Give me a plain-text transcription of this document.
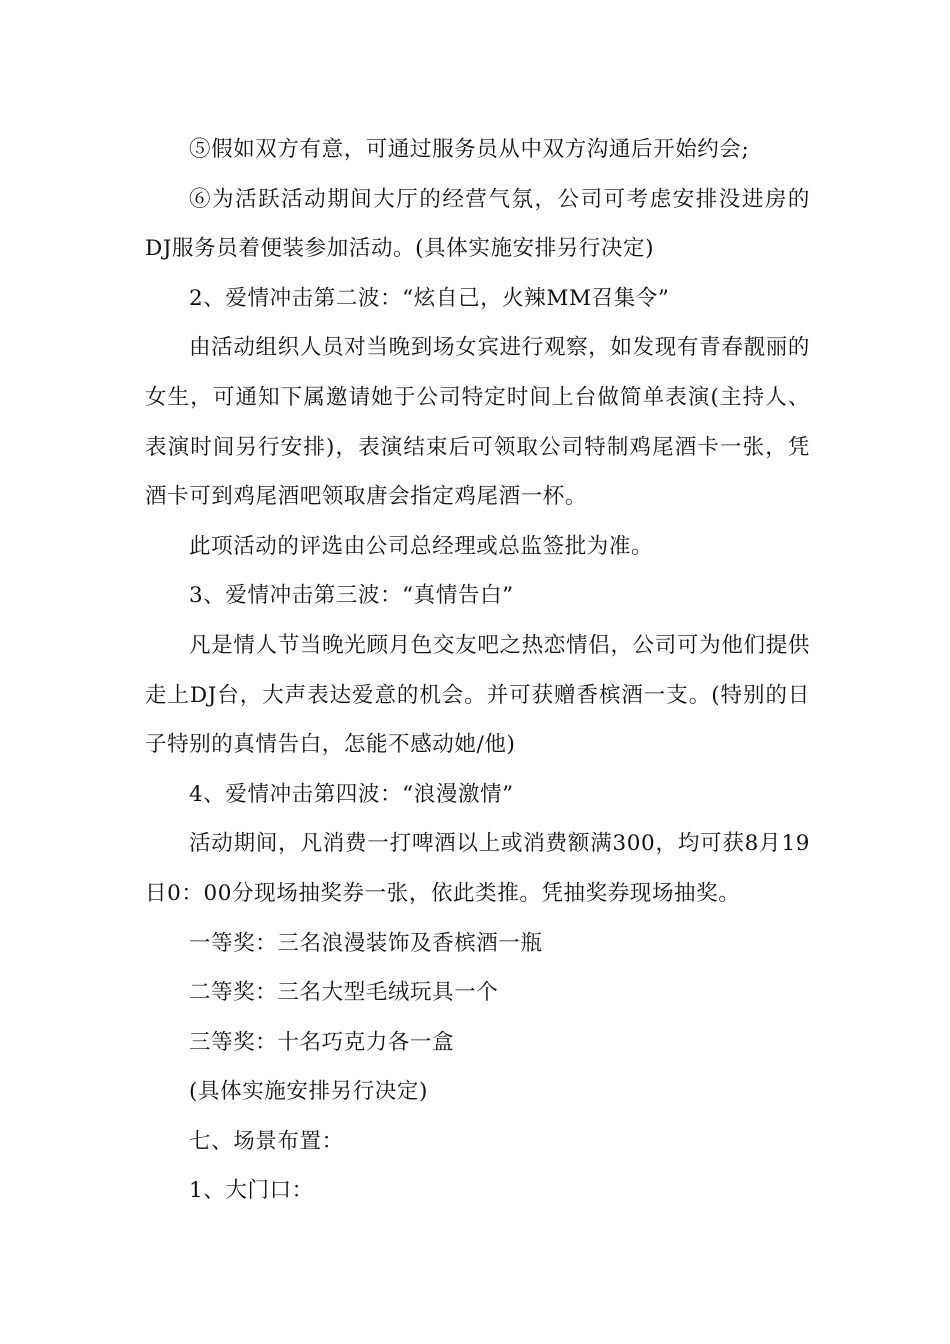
⑤假如双方有意，可通过服务员从中双方沟通后开始约会;

⑥为活跃活动期间大厅的经营气氛，公司可考虑安排没进房的DJ服务员着便装参加活动。(具体实施安排另行决定)

2、爱情冲击第二波：“炫自己，火辣MM召集令”

由活动组织人员对当晚到场女宾进行观察，如发现有青春靓丽的女生，可通知下属邀请她于公司特定时间上台做简单表演(主持人、表演时间另行安排)，表演结束后可领取公司特制鸡尾酒卡一张，凭酒卡可到鸡尾酒吧领取唐会指定鸡尾酒一杯。

此项活动的评选由公司总经理或总监签批为准。

3、爱情冲击第三波：“真情告白”

凡是情人节当晚光顾月色交友吧之热恋情侣，公司可为他们提供走上DJ台，大声表达爱意的机会。并可获赠香槟酒一支。(特别的日子特别的真情告白，怎能不感动她/他)

4、爱情冲击第四波：“浪漫激情”

活动期间，凡消费一打啤酒以上或消费额满300，均可获8月19日0：00分现场抽奖券一张，依此类推。凭抽奖券现场抽奖。

一等奖：三名浪漫装饰及香槟酒一瓶

二等奖：三名大型毛绒玩具一个

三等奖：十名巧克力各一盒

(具体实施安排另行决定)

七、场景布置：

1、大门口：
